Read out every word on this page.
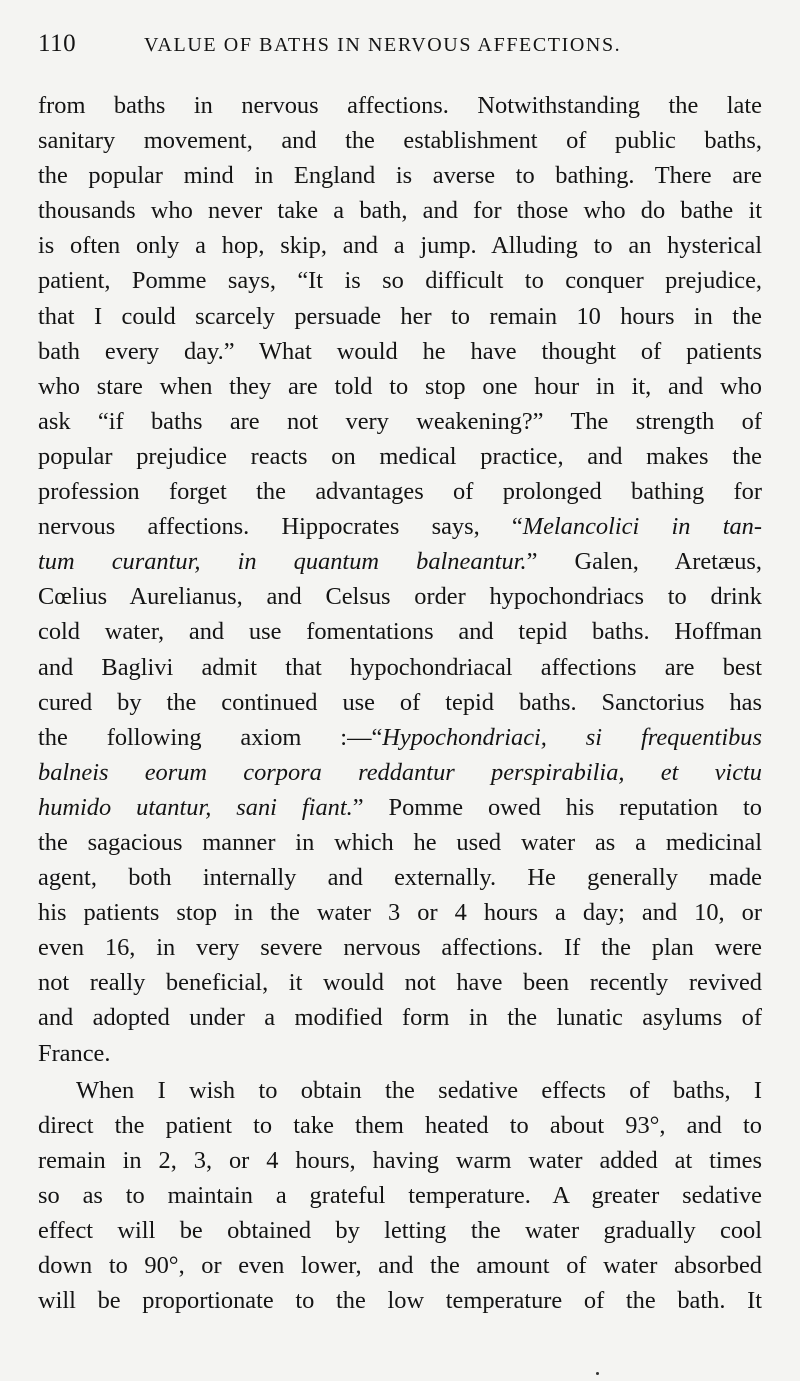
110	VALUE OF BATHS IN NERVOUS AFFECTIONS.
from baths in nervous affections. Notwithstanding the late
sanitary movement, and the establishment of public baths,
the popular mind in England is averse to bathing. There are
thousands who never take a bath, and for those who do bathe it
is often only a hop, skip, and a jump. Alluding to an hysterical
patient, Pomme says, “It is so difficult to conquer prejudice,
that I could scarcely persuade her to remain 10 hours in the
bath every day.” What would he have thought of patients
who stare when they are told to stop one hour in it, and who
ask “if baths are not very weakening?” The strength of
popular prejudice reacts on medical practice, and makes the
profession forget the advantages of prolonged bathing for
nervous affections. Hippocrates says, “Melancolici in tan-
tum curantur, in quantum balneantur.” Galen, Aretæus,
Cœlius Aurelianus, and Celsus order hypochondriacs to drink
cold water, and use fomentations and tepid baths. Hoffman
and Baglivi admit that hypochondriacal affections are best
cured by the continued use of tepid baths. Sanctorius has
the following axiom :—“Hypochondriaci, si frequentibus
balneis eorum corpora reddantur perspirabilia, et victu
humido utantur, sani fiant.” Pomme owed his reputation to
the sagacious manner in which he used water as a medicinal
agent, both internally and externally. He generally made
his patients stop in the water 3 or 4 hours a day; and 10, or
even 16, in very severe nervous affections. If the plan were
not really beneficial, it would not have been recently revived
and adopted under a modified form in the lunatic asylums of
France.
When I wish to obtain the sedative effects of baths, I
direct the patient to take them heated to about 93°, and to
remain in 2, 3, or 4 hours, having warm water added at times
so as to maintain a grateful temperature. A greater sedative
effect will be obtained by letting the water gradually cool
down to 90°, or even lower, and the amount of water absorbed
will be proportionate to the low temperature of the bath. It
